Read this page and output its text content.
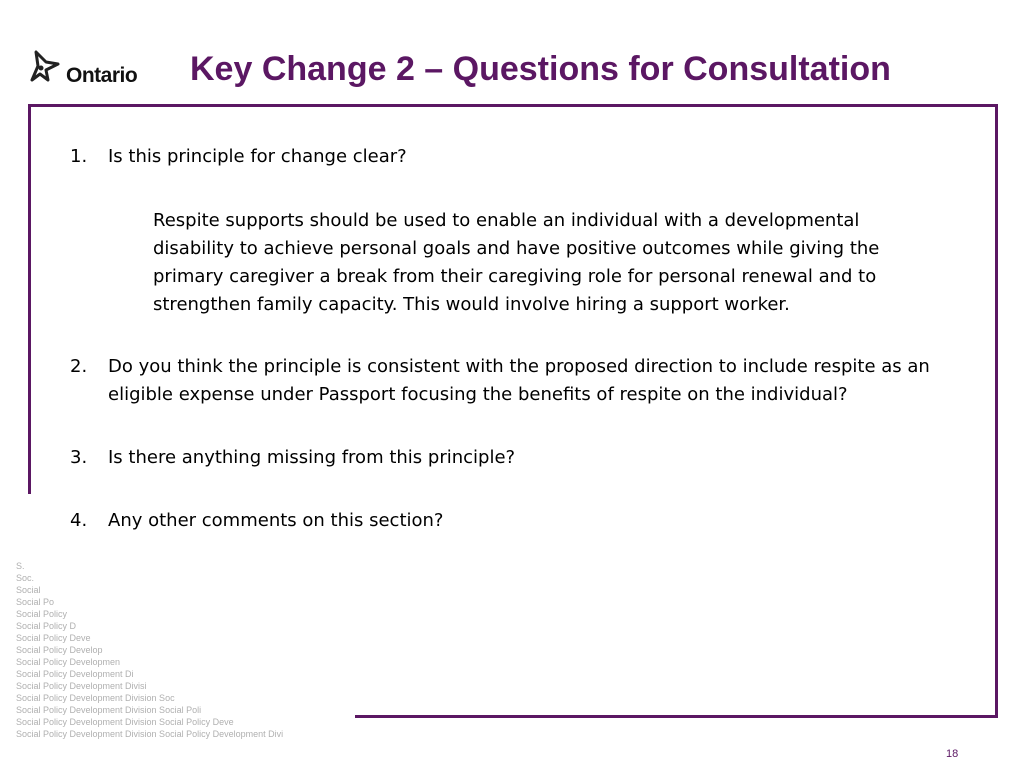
Ontario Key Change 2 – Questions for Consultation
S.
Soc.
Social
Social Po
Social Policy
Social Policy D
Social Policy Deve
Social Policy Develop
Social Policy Developmen
Social Policy Development Di
Social Policy Development Divisi
Social Policy Development Division Soc
Social Policy Development Division Social Poli
Social Policy Development Division Social Policy Deve
Social Policy Development Division Social Policy Development Divi
1.	Is this principle for change clear?
Respite supports should be used to enable an individual with a developmental disability to achieve personal goals and have positive outcomes while giving the primary caregiver a break from their caregiving role for personal renewal and to strengthen family capacity. This would involve hiring a support worker.
2.	Do you think the principle is consistent with the proposed direction to include respite as an eligible expense under Passport focusing the benefits of respite on the individual?
3.	Is there anything missing from this principle?
4.	Any other comments on this section?
18
